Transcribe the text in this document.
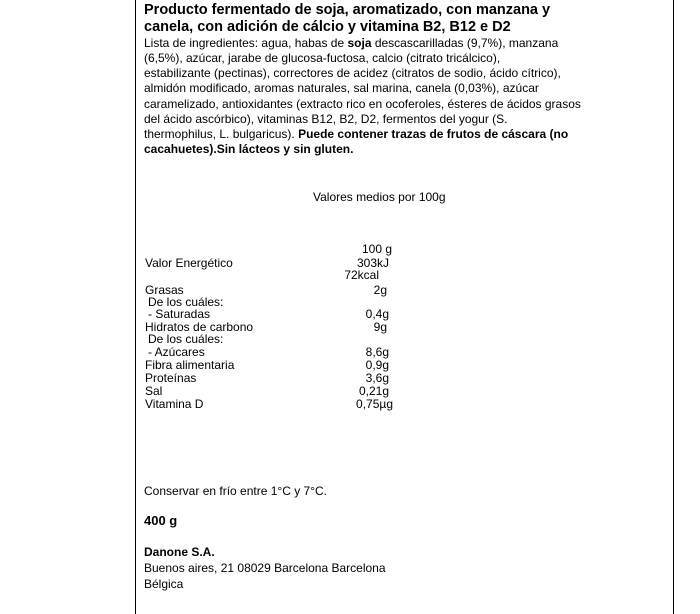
Producto fermentado de soja, aromatizado, con manzana y
canela, con adición de cálcio y vitamina B2, B12 e D2
Lista de ingredientes: agua, habas de soja descascarilladas (9,7%), manzana
(6,5%), azúcar, jarabe de glucosa-fuctosa, calcio (citrato tricálcico),
estabilizante (pectinas), correctores de acidez (citratos de sodio, ácido cítrico),
almidón modificado, aromas naturales, sal marina, canela (0,03%), azúcar
caramelizado, antioxidantes (extracto rico en ocoferoles, ésteres de ácidos grasos
del ácido ascórbico), vitaminas B12, B2, D2, fermentos del yogur (S.
thermophilus, L. bulgaricus). Puede contener trazas de frutos de cáscara (no
cacahuetes).Sin lácteos y sin gluten.
Valores medios por 100g
100 g
Valor Energético	303kJ
72kcal
Grasas	2g
De los cuáles:
- Saturadas	0,4g
Hidratos de carbono	9g
De los cuáles:
- Azúcares	8,6g
Fibra alimentaria	0,9g
Proteínas	3,6g
Sal	0,21g
Vitamina D	0,75µg
Conservar en frío entre 1°C y 7°C.
400 g
Danone S.A.
Buenos aires, 21 08029 Barcelona Barcelona
Bélgica
